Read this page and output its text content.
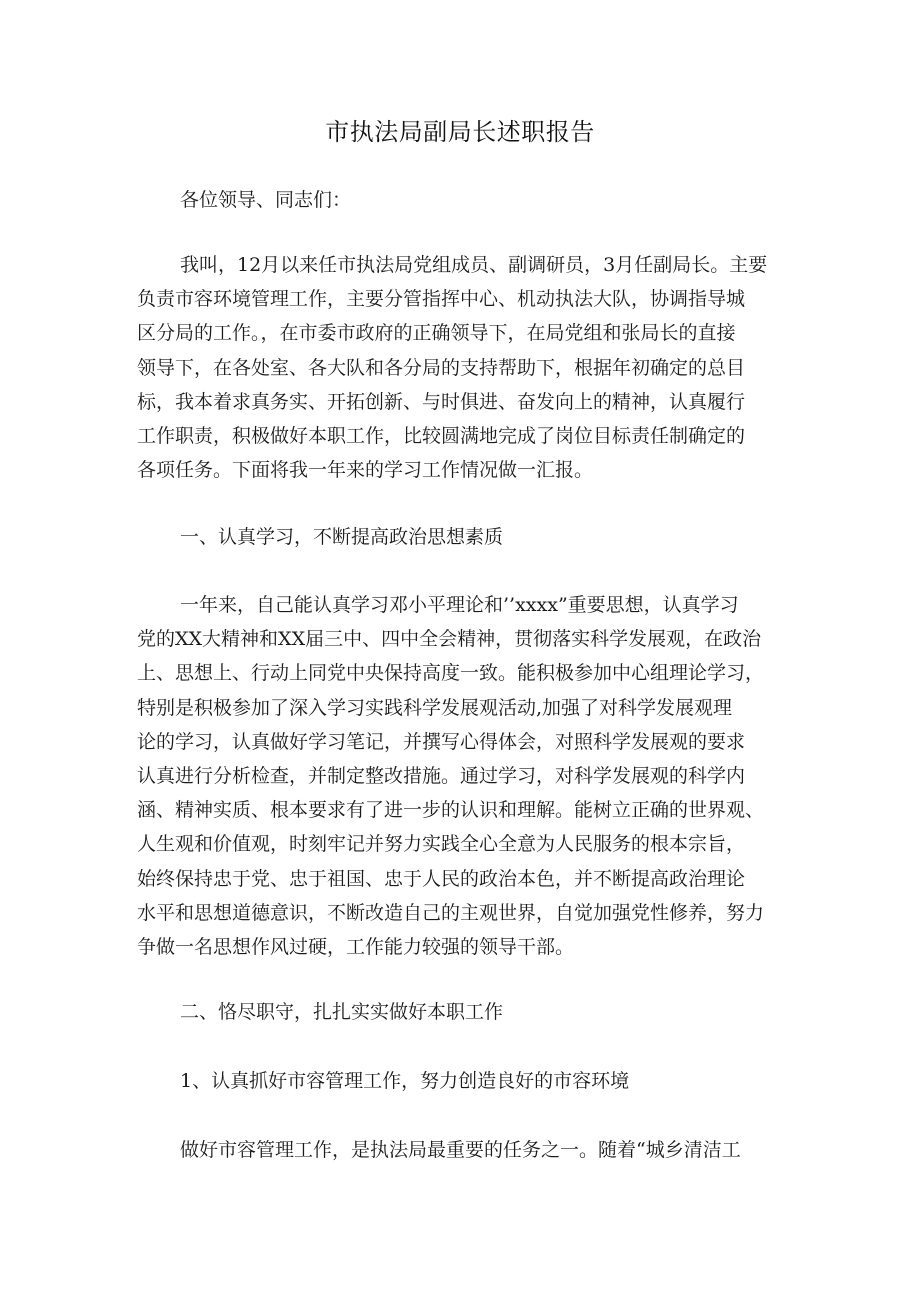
市执法局副局长述职报告
各位领导、同志们：
我叫，12月以来任市执法局党组成员、副调研员，3月任副局长。主要
负责市容环境管理工作，主要分管指挥中心、机动执法大队，协调指导城
区分局的工作。，在市委市政府的正确领导下，在局党组和张局长的直接
领导下，在各处室、各大队和各分局的支持帮助下，根据年初确定的总目
标，我本着求真务实、开拓创新、与时俱进、奋发向上的精神，认真履行
工作职责，积极做好本职工作，比较圆满地完成了岗位目标责任制确定的
各项任务。下面将我一年来的学习工作情况做一汇报。
一、认真学习，不断提高政治思想素质
一年来，自己能认真学习邓小平理论和’’xxxx”重要思想，认真学习
党的XX大精神和XX届三中、四中全会精神，贯彻落实科学发展观，在政治
上、思想上、行动上同党中央保持高度一致。能积极参加中心组理论学习，
特别是积极参加了深入学习实践科学发展观活动,加强了对科学发展观理
论的学习，认真做好学习笔记，并撰写心得体会，对照科学发展观的要求
认真进行分析检查，并制定整改措施。通过学习，对科学发展观的科学内
涵、精神实质、根本要求有了进一步的认识和理解。能树立正确的世界观、
人生观和价值观，时刻牢记并努力实践全心全意为人民服务的根本宗旨，
始终保持忠于党、忠于祖国、忠于人民的政治本色，并不断提高政治理论
水平和思想道德意识，不断改造自己的主观世界，自觉加强党性修养，努力
争做一名思想作风过硬，工作能力较强的领导干部。
二、恪尽职守，扎扎实实做好本职工作
1、认真抓好市容管理工作，努力创造良好的市容环境
做好市容管理工作，是执法局最重要的任务之一。随着“城乡清洁工
